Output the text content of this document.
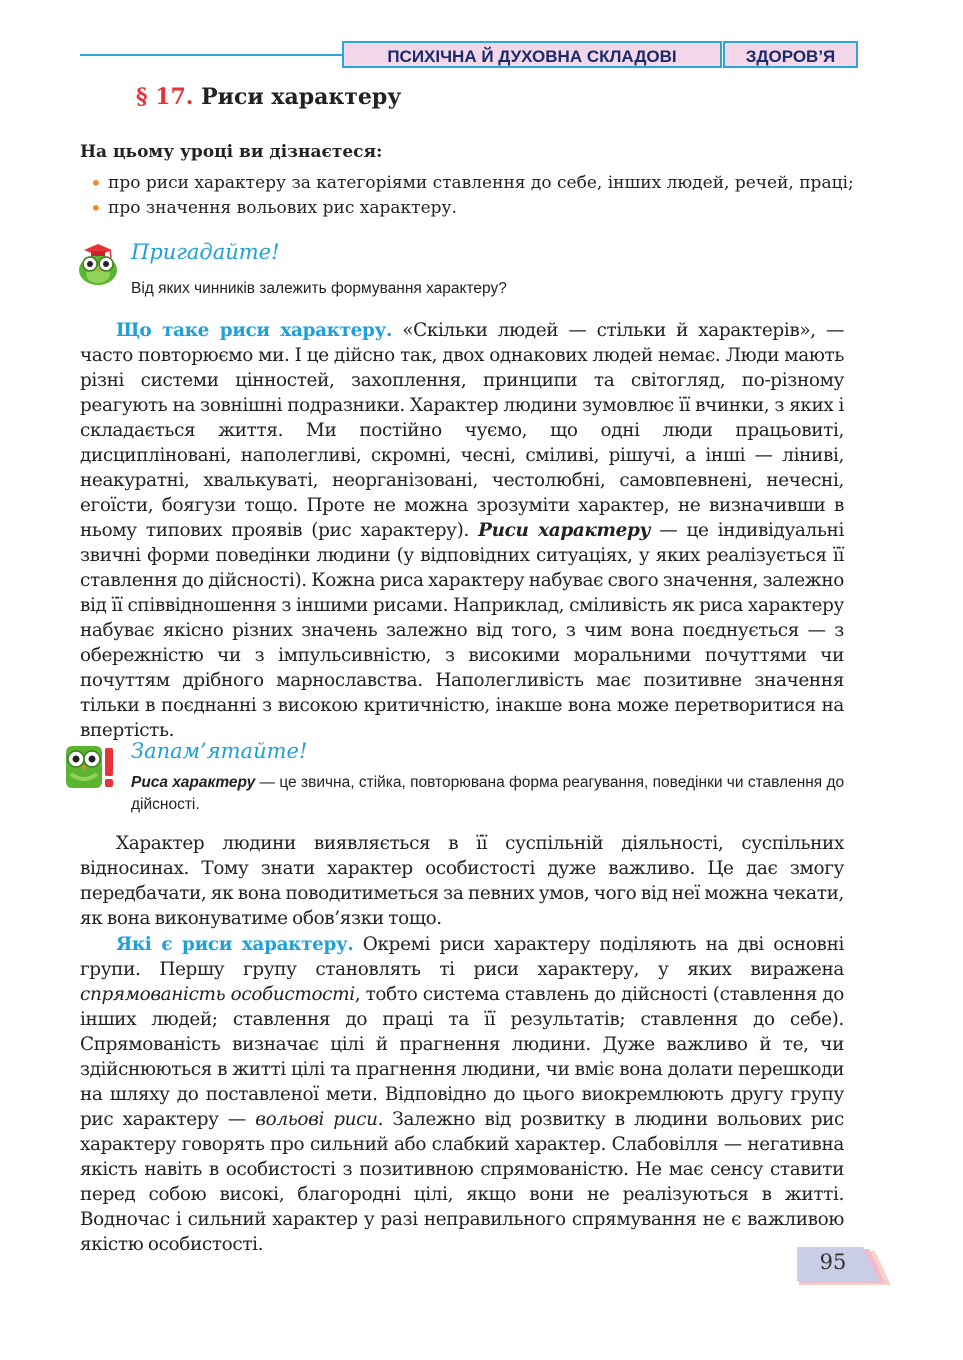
ПСИХІЧНА Й ДУХОВНА СКЛАДОВІ	ЗДОРОВ’Я
§ 17. Риси характеру
На цьому уроці ви дізнаєтеся:
• про риси характеру за категоріями ставлення до себе, інших людей, речей, праці;
• про значення вольових рис характеру.
Пригадайте!
Від яких чинників залежить формування характеру?

Що таке риси характеру. «Скільки людей — стільки й характерів», — часто повторюємо ми. І це дійсно так, двох однакових людей немає. Люди мають різні системи цінностей, захоплення, принципи та світогляд, по-різному реагують на зовнішні подразники. Характер людини зумовлює її вчинки, з яких і складається життя. Ми постійно чуємо, що одні люди працьовиті, дисципліновані, наполегливі, скромні, чесні, сміливі, рішучі, а інші — ліниві, неакуратні, хвалькуваті, неорганізовані, честолюбні, самовпевнені, нечесні, егоїсти, боягузи тощо. Проте не можна зрозуміти характер, не визначивши в ньому типових проявів (рис характеру). Риси характеру — це індивідуальні звичні форми поведінки людини (у відповідних ситуаціях, у яких реалізується її ставлення до дійсності). Кожна риса характеру набуває свого значення, залежно від її співвідношення з іншими рисами. Наприклад, сміливість як риса характеру набуває якісно різних значень залежно від того, з чим вона поєднується — з обережністю чи з імпульсивністю, з високими моральними почуттями чи почуттям дрібного марнославства. Наполегливість має позитивне значення тільки в поєднанні з високою критичністю, інакше вона може перетворитися на впертість.

Запам’ятайте!
Риса характеру — це звична, стійка, повторювана форма реагування, поведінки чи ставлення до дійсності.

Характер людини виявляється в її суспільній діяльності, суспільних відносинах. Тому знати характер особистості дуже важливо. Це дає змогу передбачати, як вона поводитиметься за певних умов, чого від неї можна чекати, як вона виконуватиме обов’язки тощо.

Які є риси характеру. Окремі риси характеру поділяють на дві основні групи. Першу групу становлять ті риси характеру, у яких виражена спрямованість особистості, тобто система ставлень до дійсності (ставлення до інших людей; ставлення до праці та її результатів; ставлення до себе). Спрямованість визначає цілі й прагнення людини. Дуже важливо й те, чи здійснюються в житті цілі та прагнення людини, чи вміє вона долати перешкоди на шляху до поставленої мети. Відповідно до цього виокремлюють другу групу рис характеру — вольові риси. Залежно від розвитку в людини вольових рис характеру говорять про сильний або слабкий характер. Слабовілля — негативна якість навіть в особистості з позитивною спрямованістю. Не має сенсу ставити перед собою високі, благородні цілі, якщо вони не реалізуються в житті. Водночас і сильний характер у разі неправильного спрямування не є важливою якістю особистості.

95
